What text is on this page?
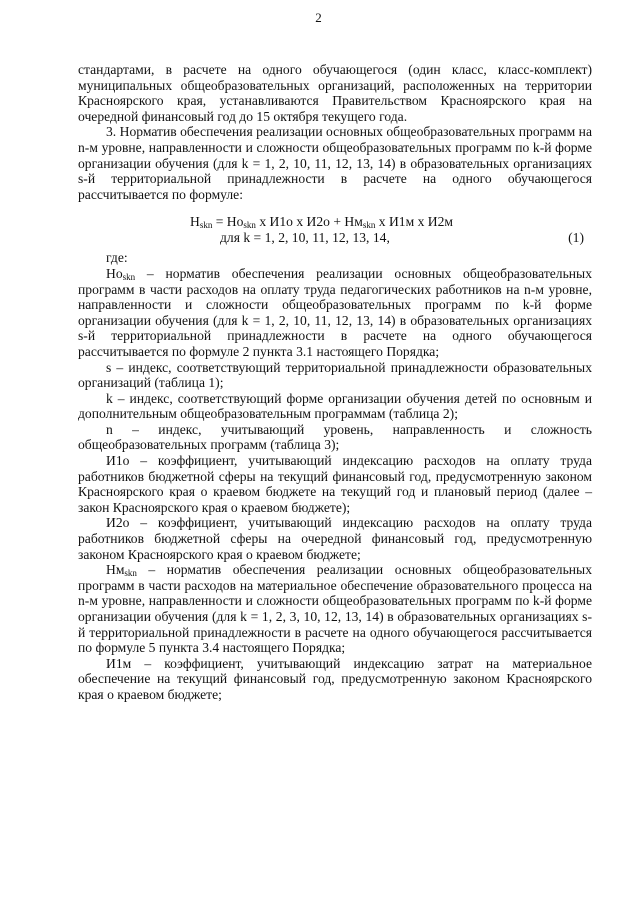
2

стандартами, в расчете на одного обучающегося (один класс, класс-комплект) муниципальных общеобразовательных организаций, расположенных на территории Красноярского края, устанавливаются Правительством Красноярского края на очередной финансовый год до 15 октября текущего года.

3. Норматив обеспечения реализации основных общеобразовательных программ на n-м уровне, направленности и сложности общеобразовательных программ по k-й форме организации обучения (для k = 1, 2, 10, 11, 12, 13, 14) в образовательных организациях s-й территориальной принадлежности в расчете на одного обучающегося рассчитывается по формуле:

$Н_{skn} = Но_{skn}$ х И1о х $И2о + Нм_{skn}$ х И1м х И2м
для k = 1, 2, 10, 11, 12, 13, 14,	(1)

где:

$Но_{skn}$ – норматив обеспечения реализации основных общеобразовательных программ в части расходов на оплату труда педагогических работников на n-м уровне, направленности и сложности общеобразовательных программ по k-й форме организации обучения (для k = 1, 2, 10, 11, 12, 13, 14) в образовательных организациях s-й территориальной принадлежности в расчете на одного обучающегося рассчитывается по формуле 2 пункта 3.1 настоящего Порядка;

s – индекс, соответствующий территориальной принадлежности образовательных организаций (таблица 1);

k – индекс, соответствующий форме организации обучения детей по основным и дополнительным общеобразовательным программам (таблица 2);

n – индекс, учитывающий уровень, направленность и сложность общеобразовательных программ (таблица 3);

И1о – коэффициент, учитывающий индексацию расходов на оплату труда работников бюджетной сферы на текущий финансовый год, предусмотренную законом Красноярского края о краевом бюджете на текущий год и плановый период (далее – закон Красноярского края о краевом бюджете);

И2о – коэффициент, учитывающий индексацию расходов на оплату труда работников бюджетной сферы на очередной финансовый год, предусмотренную законом Красноярского края о краевом бюджете;

$Нм_{skn}$ – норматив обеспечения реализации основных общеобразовательных программ в части расходов на материальное обеспечение образовательного процесса на n-м уровне, направленности и сложности общеобразовательных программ по k-й форме организации обучения (для k = 1, 2, 3, 10, 12, 13, 14) в образовательных организациях s-й территориальной принадлежности в расчете на одного обучающегося рассчитывается по формуле 5 пункта 3.4 настоящего Порядка;

И1м – коэффициент, учитывающий индексацию затрат на материальное обеспечение на текущий финансовый год, предусмотренную законом Красноярского края о краевом бюджете;
